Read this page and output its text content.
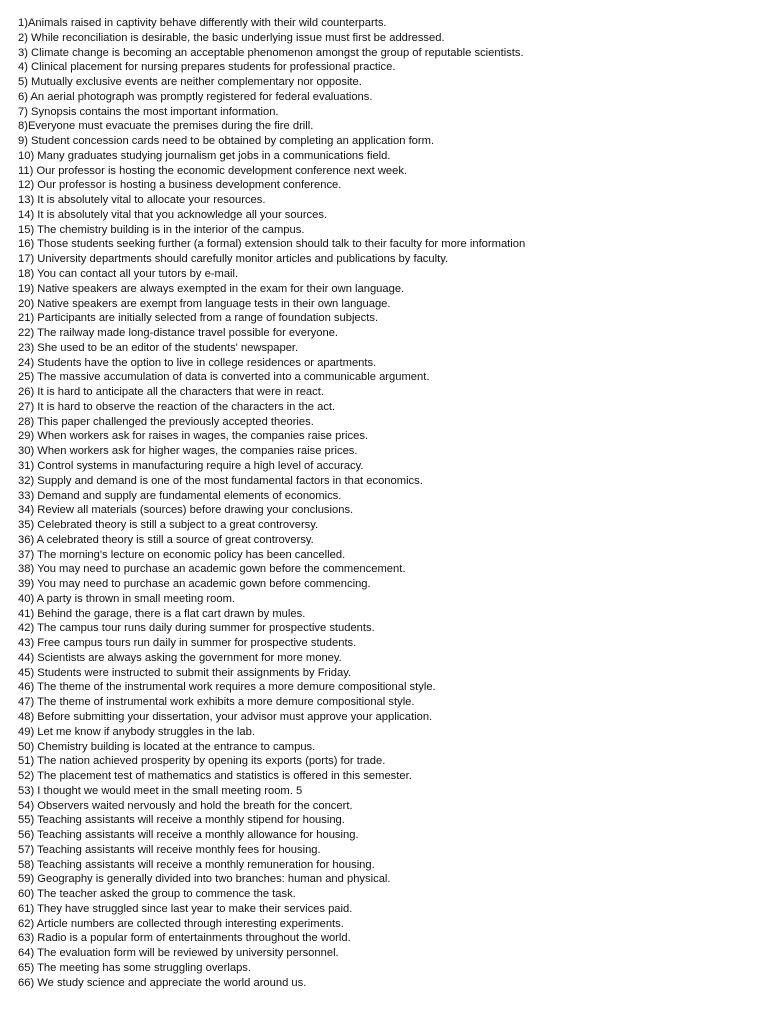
1)Animals raised in captivity behave differently with their wild counterparts.
2) While reconciliation is desirable, the basic underlying issue must first be addressed.
3) Climate change is becoming an acceptable phenomenon amongst the group of reputable scientists.
4) Clinical placement for nursing prepares students for professional practice.
5) Mutually exclusive events are neither complementary nor opposite.
6) An aerial photograph was promptly registered for federal evaluations.
7) Synopsis contains the most important information.
8)Everyone must evacuate the premises during the fire drill.
9) Student concession cards need to be obtained by completing an application form.
10) Many graduates studying journalism get jobs in a communications field.
11) Our professor is hosting the economic development conference next week.
12) Our professor is hosting a business development conference.
13) It is absolutely vital to allocate your resources.
14) It is absolutely vital that you acknowledge all your sources.
15) The chemistry building is in the interior of the campus.
16) Those students seeking further (a formal) extension should talk to their faculty for more information
17) University departments should carefully monitor articles and publications by faculty.
18) You can contact all your tutors by e-mail.
19) Native speakers are always exempted in the exam for their own language.
20) Native speakers are exempt from language tests in their own language.
21) Participants are initially selected from a range of foundation subjects.
22) The railway made long-distance travel possible for everyone.
23) She used to be an editor of the students' newspaper.
24) Students have the option to live in college residences or apartments.
25) The massive accumulation of data is converted into a communicable argument.
26) It is hard to anticipate all the characters that were in react.
27) It is hard to observe the reaction of the characters in the act.
28) This paper challenged the previously accepted theories.
29) When workers ask for raises in wages, the companies raise prices.
30) When workers ask for higher wages, the companies raise prices.
31) Control systems in manufacturing require a high level of accuracy.
32) Supply and demand is one of the most fundamental factors in that economics.
33) Demand and supply are fundamental elements of economics.
34) Review all materials (sources) before drawing your conclusions.
35) Celebrated theory is still a subject to a great controversy.
36) A celebrated theory is still a source of great controversy.
37) The morning's lecture on economic policy has been cancelled.
38) You may need to purchase an academic gown before the commencement.
39) You may need to purchase an academic gown before commencing.
40) A party is thrown in small meeting room.
41) Behind the garage, there is a flat cart drawn by mules.
42) The campus tour runs daily during summer for prospective students.
43) Free campus tours run daily in summer for prospective students.
44) Scientists are always asking the government for more money.
45) Students were instructed to submit their assignments by Friday.
46) The theme of the instrumental work requires a more demure compositional style.
47) The theme of instrumental work exhibits a more demure compositional style.
48) Before submitting your dissertation, your advisor must approve your application.
49) Let me know if anybody struggles in the lab.
50) Chemistry building is located at the entrance to campus.
51) The nation achieved prosperity by opening its exports (ports) for trade.
52) The placement test of mathematics and statistics is offered in this semester.
53) I thought we would meet in the small meeting room. 5
54) Observers waited nervously and hold the breath for the concert.
55) Teaching assistants will receive a monthly stipend for housing.
56) Teaching assistants will receive a monthly allowance for housing.
57) Teaching assistants will receive monthly fees for housing.
58) Teaching assistants will receive a monthly remuneration for housing.
59) Geography is generally divided into two branches: human and physical.
60) The teacher asked the group to commence the task.
61) They have struggled since last year to make their services paid.
62) Article numbers are collected through interesting experiments.
63) Radio is a popular form of entertainments throughout the world.
64) The evaluation form will be reviewed by university personnel.
65) The meeting has some struggling overlaps.
66) We study science and appreciate the world around us.
